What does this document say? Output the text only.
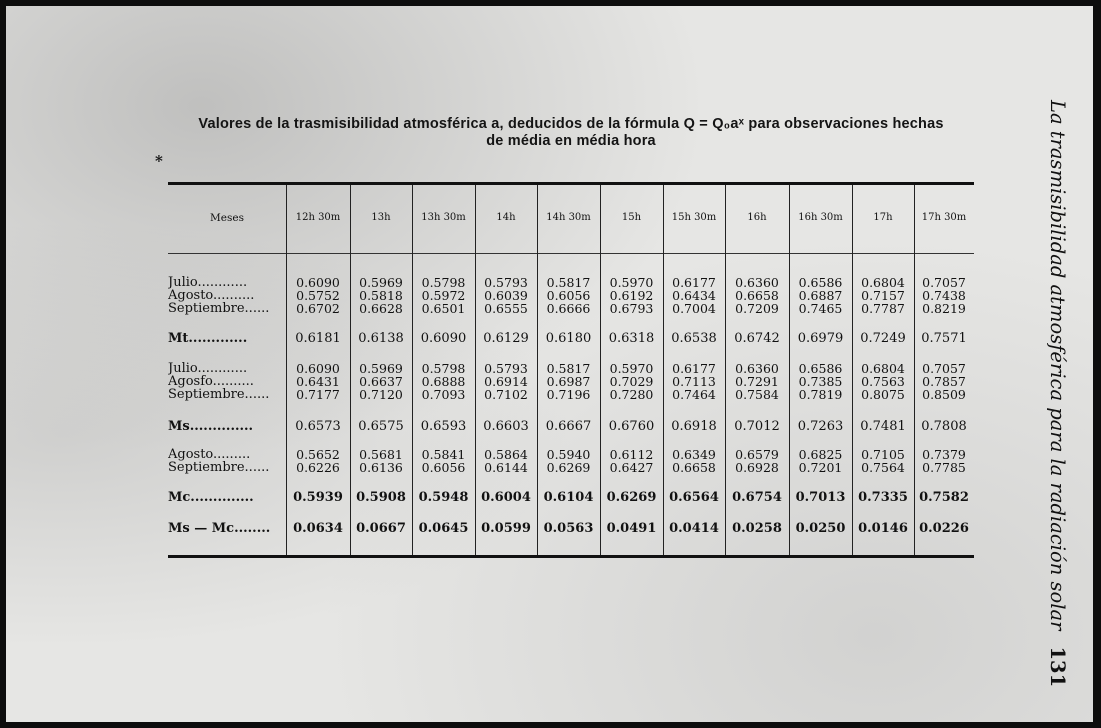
Valores de la trasmisibilidad atmosférica a, deducidos de la fórmula Q = Q₀aˣ para observaciones hechas
de média en média hora
*	La trasmisibilidad atmosférica para la radiación solar131
Meses	12h 30m	13h	13h 30m	14h	14h 30m	15h	15h 30m	16h	16h 30m	17h	17h 30m
Julio............	0.6090	0.5969	0.5798	0.5793	0.5817	0.5970	0.6177	0.6360	0.6586	0.6804	0.7057
Agosto..........	0.5752	0.5818	0.5972	0.6039	0.6056	0.6192	0.6434	0.6658	0.6887	0.7157	0.7438
Septiembre......	0.6702	0.6628	0.6501	0.6555	0.6666	0.6793	0.7004	0.7209	0.7465	0.7787	0.8219
Mt.............	0.6181	0.6138	0.6090	0.6129	0.6180	0.6318	0.6538	0.6742	0.6979	0.7249	0.7571
Julio............	0.6090	0.5969	0.5798	0.5793	0.5817	0.5970	0.6177	0.6360	0.6586	0.6804	0.7057
Agosfo..........	0.6431	0.6637	0.6888	0.6914	0.6987	0.7029	0.7113	0.7291	0.7385	0.7563	0.7857
Septiembre......	0.7177	0.7120	0.7093	0.7102	0.7196	0.7280	0.7464	0.7584	0.7819	0.8075	0.8509
Ms..............	0.6573	0.6575	0.6593	0.6603	0.6667	0.6760	0.6918	0.7012	0.7263	0.7481	0.7808
Agosto.........	0.5652	0.5681	0.5841	0.5864	0.5940	0.6112	0.6349	0.6579	0.6825	0.7105	0.7379
Septiembre......	0.6226	0.6136	0.6056	0.6144	0.6269	0.6427	0.6658	0.6928	0.7201	0.7564	0.7785
Mc..............	0.5939	0.5908 0.5948 0.6004 0.6104	0.6269 0.6564	0.6754	0.7013 0.7335 0.7582
Ms — Mc........	0.0634	0.0667 0.0645 0.0599 0.0563	0.0491 0.0414	0.0258	0.0250 0.0146 0.0226
